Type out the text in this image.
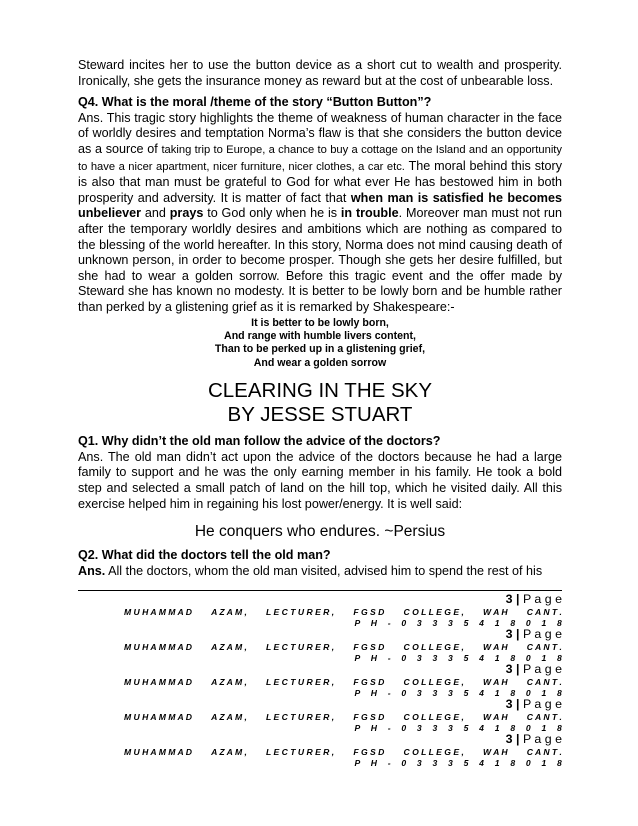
Steward incites her to use the button device as a short cut to wealth and prosperity. Ironically, she gets the insurance money as reward but at the cost of unbearable loss.

Q4. What is the moral /theme of the story “Button Button”?

Ans. This tragic story highlights the theme of weakness of human character in the face of worldly desires and temptation Norma’s flaw is that she considers the button device as a source of taking trip to Europe, a chance to buy a cottage on the Island and an opportunity to have a nicer apartment, nicer furniture, nicer clothes, a car etc. The moral behind this story is also that man must be grateful to God for what ever He has bestowed him in both prosperity and adversity. It is matter of fact that when man is satisfied he becomes unbeliever and prays to God only when he is in trouble. Moreover man must not run after the temporary worldly desires and ambitions which are nothing as compared to the blessing of the world hereafter. In this story, Norma does not mind causing death of unknown person, in order to become prosper. Though she gets her desire fulfilled, but she had to wear a golden sorrow. Before this tragic event and the offer made by Steward she has known no modesty. It is better to be lowly born and be humble rather than perked by a glistening grief as it is remarked by Shakespeare:-

It is better to be lowly born,
And range with humble livers content,
Than to be perked up in a glistening grief,
And wear a golden sorrow
CLEARING IN THE SKY
BY JESSE STUART

Q1. Why didn’t the old man follow the advice of the doctors?

Ans. The old man didn’t act upon the advice of the doctors because he had a large family to support and he was the only earning member in his family. He took a bold step and selected a small patch of land on the hill top, which he visited daily. All this exercise helped him in regaining his lost power/energy. It is well said:

He conquers who endures. ~Persius

Q2. What did the doctors tell the old man?

Ans. All the doctors, whom the old man visited, advised him to spend the rest of his

3 | P a g e
M U H A M M A D A Z A M , L E C T U R E R , F G S D C O L L E G E , W A H C A N T .
P H - 0 3 3 3 5 4 1 8 0 1 8
3 | P a g e
M U H A M M A D A Z A M , L E C T U R E R , F G S D C O L L E G E , W A H C A N T .
P H - 0 3 3 3 5 4 1 8 0 1 8
3 | P a g e
M U H A M M A D A Z A M , L E C T U R E R , F G S D C O L L E G E , W A H C A N T .
P H - 0 3 3 3 5 4 1 8 0 1 8
3 | P a g e
M U H A M M A D A Z A M , L E C T U R E R , F G S D C O L L E G E , W A H C A N T .
P H - 0 3 3 3 5 4 1 8 0 1 8
3 | P a g e
M U H A M M A D A Z A M , L E C T U R E R , F G S D C O L L E G E , W A H C A N T .
P H - 0 3 3 3 5 4 1 8 0 1 8
